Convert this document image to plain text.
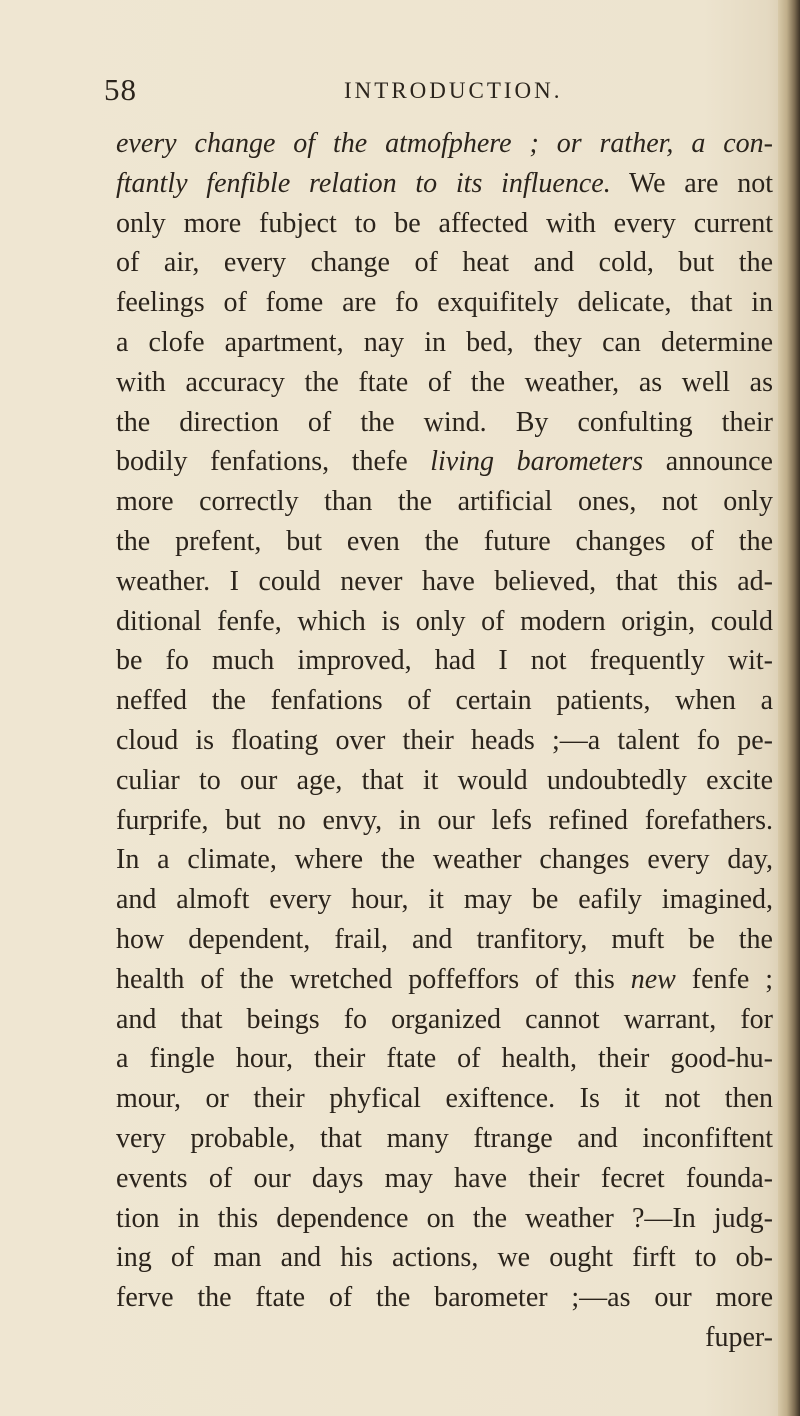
58	INTRODUCTION.
every change of the atmofphere ; or rather, a con-
ftantly fenfible relation to its influence. We are not
only more fubject to be affected with every current
of air, every change of heat and cold, but the
feelings of fome are fo exquifitely delicate, that in
a clofe apartment, nay in bed, they can determine
with accuracy the ftate of the weather, as well as
the direction of the wind. By confulting their
bodily fenfations, thefe living barometers announce
more correctly than the artificial ones, not only
the prefent, but even the future changes of the
weather. I could never have believed, that this ad-
ditional fenfe, which is only of modern origin, could
be fo much improved, had I not frequently wit-
neffed the fenfations of certain patients, when a
cloud is floating over their heads ;—a talent fo pe-
culiar to our age, that it would undoubtedly excite
furprife, but no envy, in our lefs refined forefathers.
In a climate, where the weather changes every day,
and almoft every hour, it may be eafily imagined,
how dependent, frail, and tranfitory, muft be the
health of the wretched poffeffors of this new fenfe ;
and that beings fo organized cannot warrant, for
a fingle hour, their ftate of health, their good-hu-
mour, or their phyfical exiftence. Is it not then
very probable, that many ftrange and inconfiftent
events of our days may have their fecret founda-
tion in this dependence on the weather ?—In judg-
ing of man and his actions, we ought firft to ob-
ferve the ftate of the barometer ;—as our more
fuper-
